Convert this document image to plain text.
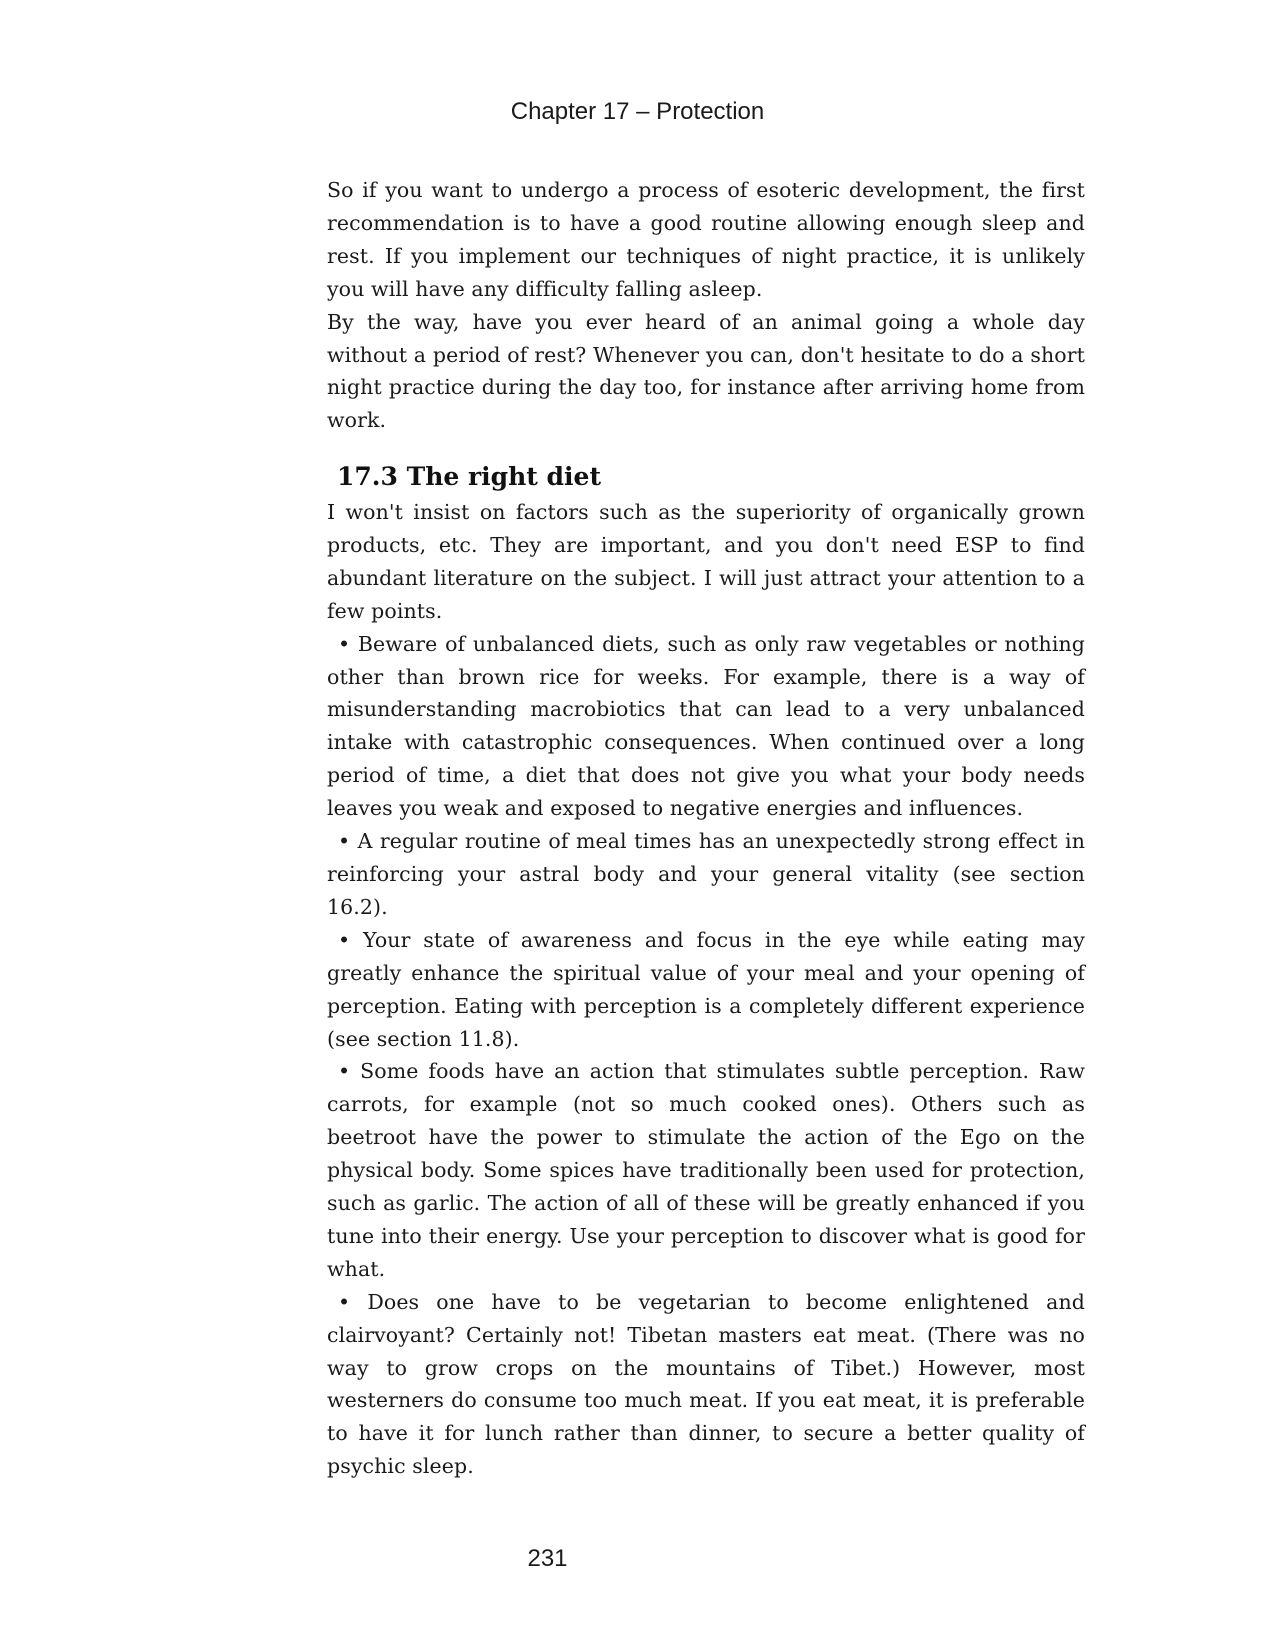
Chapter 17 – Protection

So if you want to undergo a process of esoteric development, the first recommendation is to have a good routine allowing enough sleep and rest. If you implement our techniques of night practice, it is unlikely you will have any difficulty falling asleep.

By the way, have you ever heard of an animal going a whole day without a period of rest? Whenever you can, don't hesitate to do a short night practice during the day too, for instance after arriving home from work.

17.3 The right diet

I won't insist on factors such as the superiority of organically grown products, etc. They are important, and you don't need ESP to find abundant literature on the subject. I will just attract your attention to a few points.

• Beware of unbalanced diets, such as only raw vegetables or nothing other than brown rice for weeks. For example, there is a way of misunderstanding macrobiotics that can lead to a very unbalanced intake with catastrophic consequences. When continued over a long period of time, a diet that does not give you what your body needs leaves you weak and exposed to negative energies and influences.

• A regular routine of meal times has an unexpectedly strong effect in reinforcing your astral body and your general vitality (see section 16.2).

• Your state of awareness and focus in the eye while eating may greatly enhance the spiritual value of your meal and your opening of perception. Eating with perception is a completely different experience (see section 11.8).

• Some foods have an action that stimulates subtle perception. Raw carrots, for example (not so much cooked ones). Others such as beetroot have the power to stimulate the action of the Ego on the physical body. Some spices have traditionally been used for protection, such as garlic. The action of all of these will be greatly enhanced if you tune into their energy. Use your perception to discover what is good for what.

• Does one have to be vegetarian to become enlightened and clairvoyant? Certainly not! Tibetan masters eat meat. (There was no way to grow crops on the mountains of Tibet.) However, most westerners do consume too much meat. If you eat meat, it is preferable to have it for lunch rather than dinner, to secure a better quality of psychic sleep.

231
